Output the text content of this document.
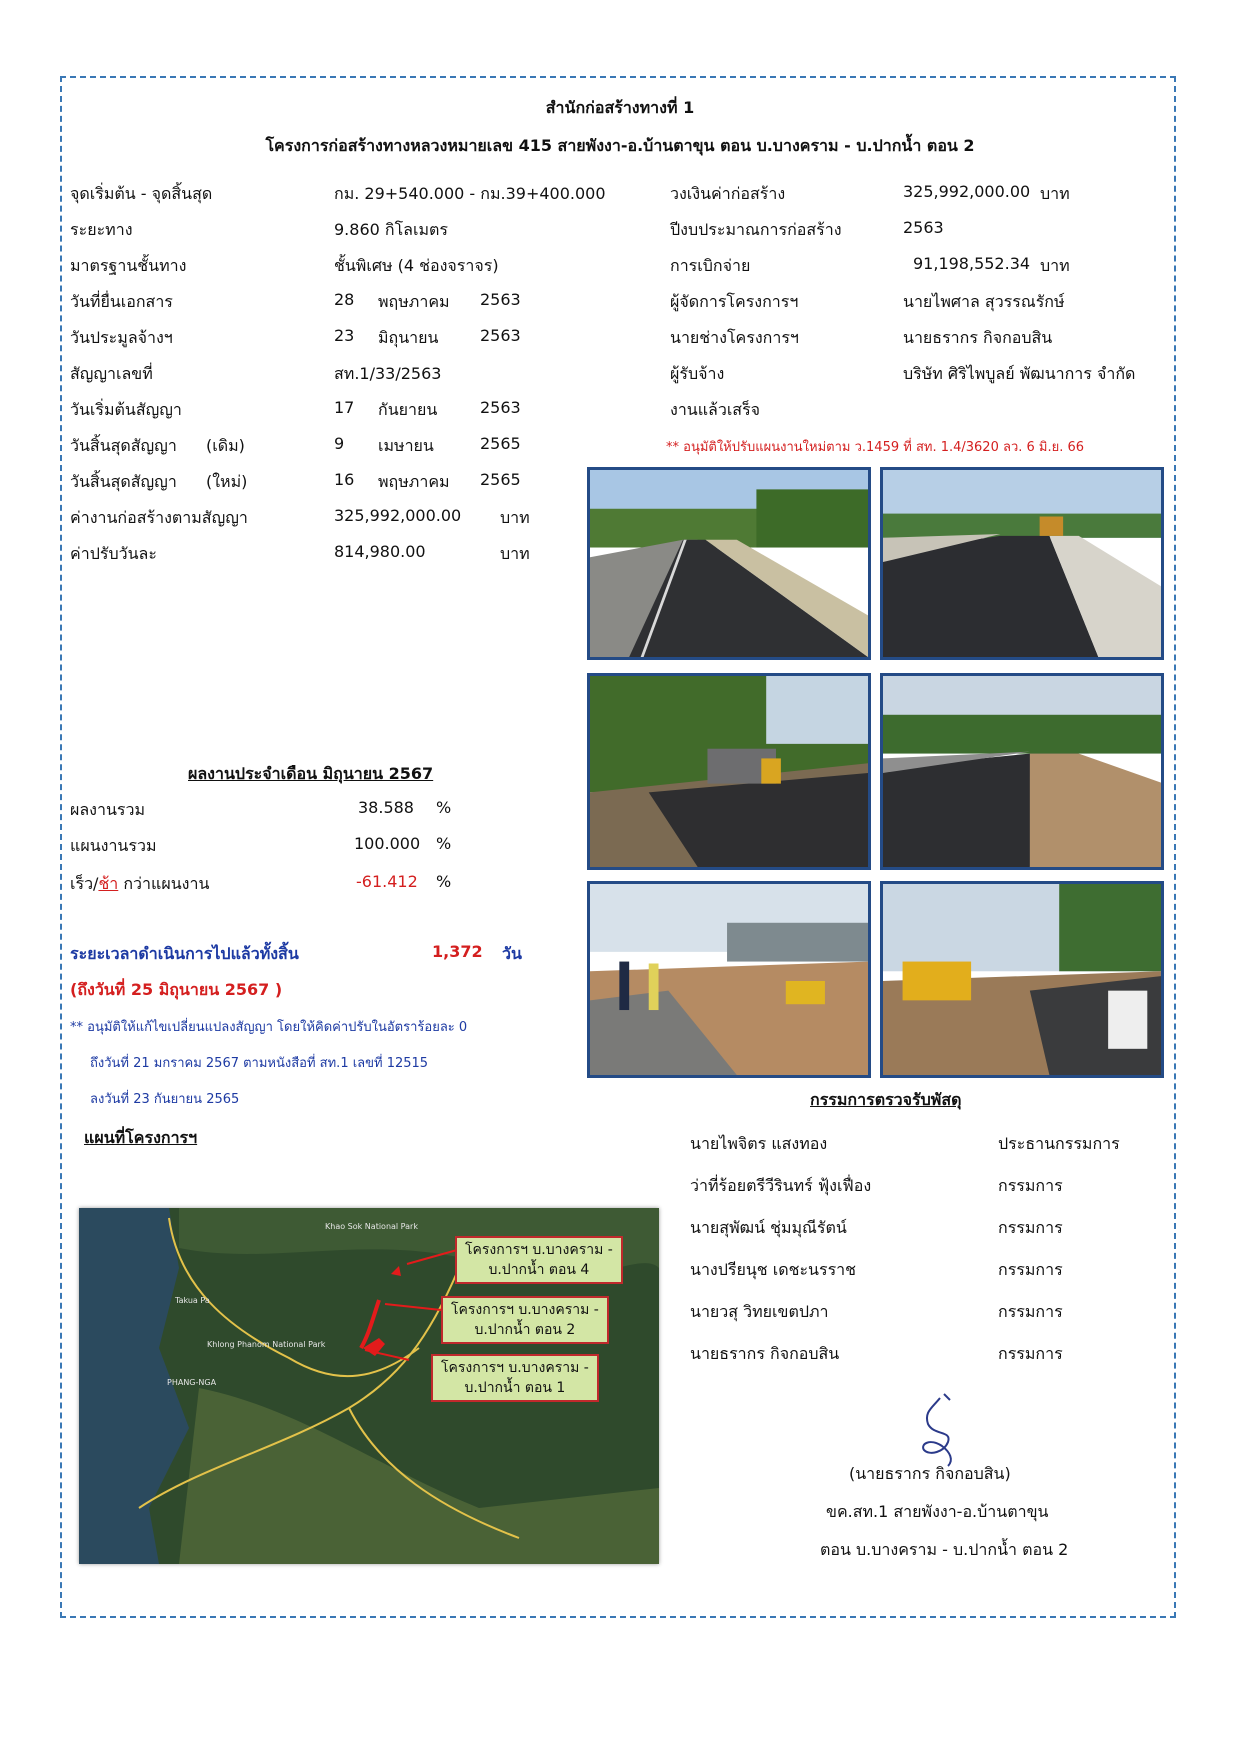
สำนักก่อสร้างทางที่ 1
โครงการก่อสร้างทางหลวงหมายเลข 415 สายพังงา-อ.บ้านตาขุน ตอน บ.บางคราม - บ.ปากน้ำ ตอน 2
จุดเริ่มต้น - จุดสิ้นสุด	กม. 29+540.000 - กม.39+400.000
ระยะทาง	9.860 กิโลเมตร
มาตรฐานชั้นทาง	ชั้นพิเศษ (4 ช่องจราจร)
วันที่ยื่นเอกสาร	28 พฤษภาคม 2563
วันประมูลจ้างฯ	23 มิถุนายน	2563
สัญญาเลขที่	สท.1/33/2563
วันเริ่มต้นสัญญา	17 กันยายน	2563
วันสิ้นสุดสัญญา (เดิม)	9 เมษายน	2565
วันสิ้นสุดสัญญา (ใหม่)	16 พฤษภาคม 2565
ค่างานก่อสร้างตามสัญญา	325,992,000.00 บาท
ค่าปรับวันละ	814,980.00	บาท
วงเงินค่าก่อสร้าง	325,992,000.00 บาท
ปีงบประมาณการก่อสร้าง	2563
การเบิกจ่าย	91,198,552.34 บาท
ผู้จัดการโครงการฯ	นายไพศาล สุวรรณรักษ์
นายช่างโครงการฯ	นายธรากร กิจกอบสิน
ผู้รับจ้าง	บริษัท ศิริไพบูลย์ พัฒนาการ จำกัด
งานแล้วเสร็จ
** อนุมัติให้ปรับแผนงานใหม่ตาม ว.1459 ที่ สท. 1.4/3620 ลว. 6 มิ.ย. 66
กรรมการตรวจรับพัสดุ
นายไพจิตร แสงทอง	ประธานกรรมการ
ว่าที่ร้อยตรีวีรินทร์ ฟุ้งเฟื่อง	กรรมการ
นายสุพัฒน์ ชุ่มมุณีรัตน์	กรรมการ
นางปรียนุช เดชะนรราช	กรรมการ
นายวสุ วิทยเขตปภา	กรรมการ
นายธรากร กิจกอบสิน	กรรมการ
(นายธรากร กิจกอบสิน)
ขค.สท.1 สายพังงา-อ.บ้านตาขุน
ตอน บ.บางคราม - บ.ปากน้ำ ตอน 2
ผลงานประจำเดือน มิถุนายน 2567
ผลงานรวม	38.588 %
แผนงานรวม	100.000 %
เร็ว/ช้า กว่าแผนงาน	-61.412 %
ระยะเวลาดำเนินการไปแล้วทั้งสิ้น	1,372 วัน
(ถึงวันที่ 25 มิถุนายน 2567 )
** อนุมัติให้แก้ไขเปลี่ยนแปลงสัญญา โดยให้คิดค่าปรับในอัตราร้อยละ 0
ถึงวันที่ 21 มกราคม 2567 ตามหนังสือที่ สท.1 เลขที่ 12515
ลงวันที่ 23 กันยายน 2565
แผนที่โครงการฯ
Khao Sok National Park
Takua Pa
Khlong Phanom National Park
PHANG-NGA
โครงการฯ บ.บางคราม -
บ.ปากน้ำ ตอน 4
โครงการฯ บ.บางคราม -
บ.ปากน้ำ ตอน 2
โครงการฯ บ.บางคราม -
บ.ปากน้ำ ตอน 1
